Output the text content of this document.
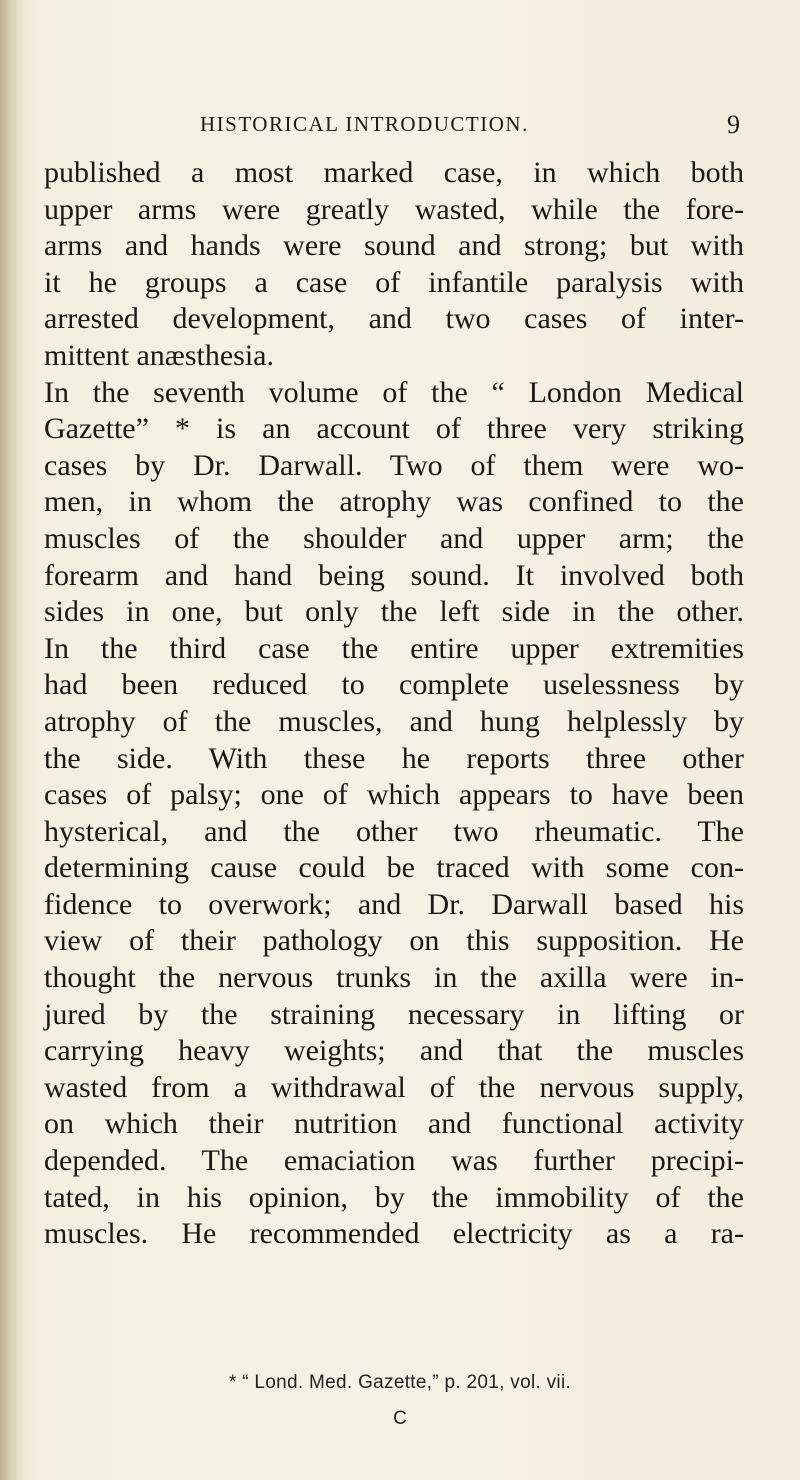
HISTORICAL INTRODUCTION.	9
published a most marked case, in which both
upper arms were greatly wasted, while the fore-
arms and hands were sound and strong; but with
it he groups a case of infantile paralysis with
arrested development, and two cases of inter-
mittent anæsthesia.
In the seventh volume of the “ London Medical
Gazette” * is an account of three very striking
cases by Dr. Darwall. Two of them were wo-
men, in whom the atrophy was confined to the
muscles of the shoulder and upper arm; the
forearm and hand being sound. It involved both
sides in one, but only the left side in the other.
In the third case the entire upper extremities
had been reduced to complete uselessness by
atrophy of the muscles, and hung helplessly by
the side. With these he reports three other
cases of palsy; one of which appears to have been
hysterical, and the other two rheumatic. The
determining cause could be traced with some con-
fidence to overwork; and Dr. Darwall based his
view of their pathology on this supposition. He
thought the nervous trunks in the axilla were in-
jured by the straining necessary in lifting or
carrying heavy weights; and that the muscles
wasted from a withdrawal of the nervous supply,
on which their nutrition and functional activity
depended. The emaciation was further precipi-
tated, in his opinion, by the immobility of the
muscles. He recommended electricity as a ra-
* “ Lond. Med. Gazette,” p. 201, vol. vii.
C
